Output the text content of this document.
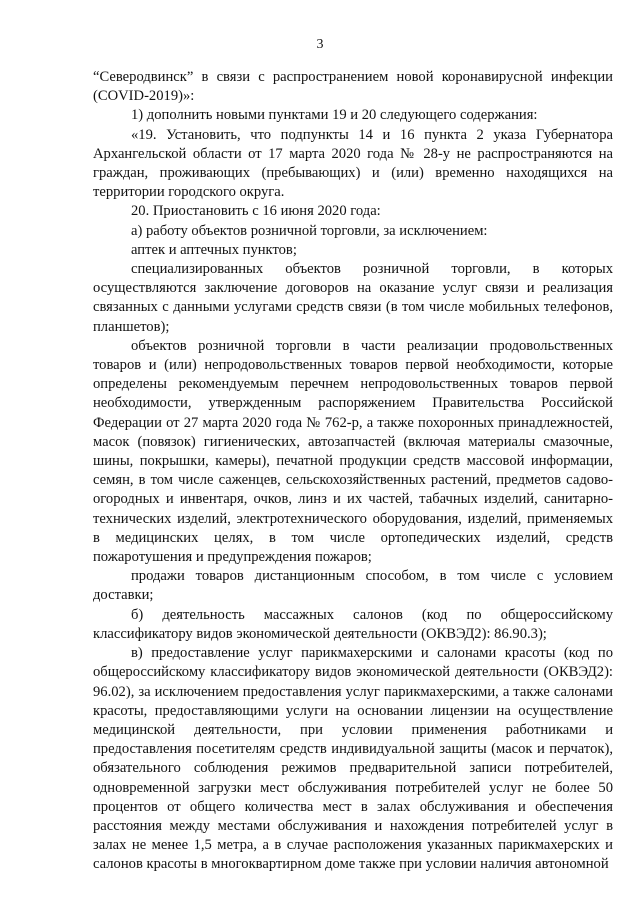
3

“Северодвинск” в связи с распространением новой коронавирусной инфекции (COVID-2019)»:

1) дополнить новыми пунктами 19 и 20 следующего содержания:

«19. Установить, что подпункты 14 и 16 пункта 2 указа Губернатора Архангельской области от 17 марта 2020 года № 28-у не распространяются на граждан, проживающих (пребывающих) и (или) временно находящихся на территории городского округа.

20. Приостановить с 16 июня 2020 года:

а) работу объектов розничной торговли, за исключением:

аптек и аптечных пунктов;

специализированных объектов розничной торговли, в которых осуществляются заключение договоров на оказание услуг связи и реализация связанных с данными услугами средств связи (в том числе мобильных телефонов, планшетов);

объектов розничной торговли в части реализации продовольственных товаров и (или) непродовольственных товаров первой необходимости, которые определены рекомендуемым перечнем непродовольственных товаров первой необходимости, утвержденным распоряжением Правительства Российской Федерации от 27 марта 2020 года № 762-р, а также похоронных принадлежностей, масок (повязок) гигиенических, автозапчастей (включая материалы смазочные, шины, покрышки, камеры), печатной продукции средств массовой информации, семян, в том числе саженцев, сельскохозяйственных растений, предметов садово-огородных и инвентаря, очков, линз и их частей, табачных изделий, санитарно-технических изделий, электротехнического оборудования, изделий, применяемых в медицинских целях, в том числе ортопедических изделий, средств пожаротушения и предупреждения пожаров;

продажи товаров дистанционным способом, в том числе с условием доставки;

б) деятельность массажных салонов (код по общероссийскому классификатору видов экономической деятельности (ОКВЭД2): 86.90.3);

в) предоставление услуг парикмахерскими и салонами красоты (код по общероссийскому классификатору видов экономической деятельности (ОКВЭД2): 96.02), за исключением предоставления услуг парикмахерскими, а также салонами красоты, предоставляющими услуги на основании лицензии на осуществление медицинской деятельности, при условии применения работниками и предоставления посетителям средств индивидуальной защиты (масок и перчаток), обязательного соблюдения режимов предварительной записи потребителей, одновременной загрузки мест обслуживания потребителей услуг не более 50 процентов от общего количества мест в залах обслуживания и обеспечения расстояния между местами обслуживания и нахождения потребителей услуг в залах не менее 1,5 метра, а в случае расположения указанных парикмахерских и салонов красоты в многоквартирном доме также при условии наличия автономной
